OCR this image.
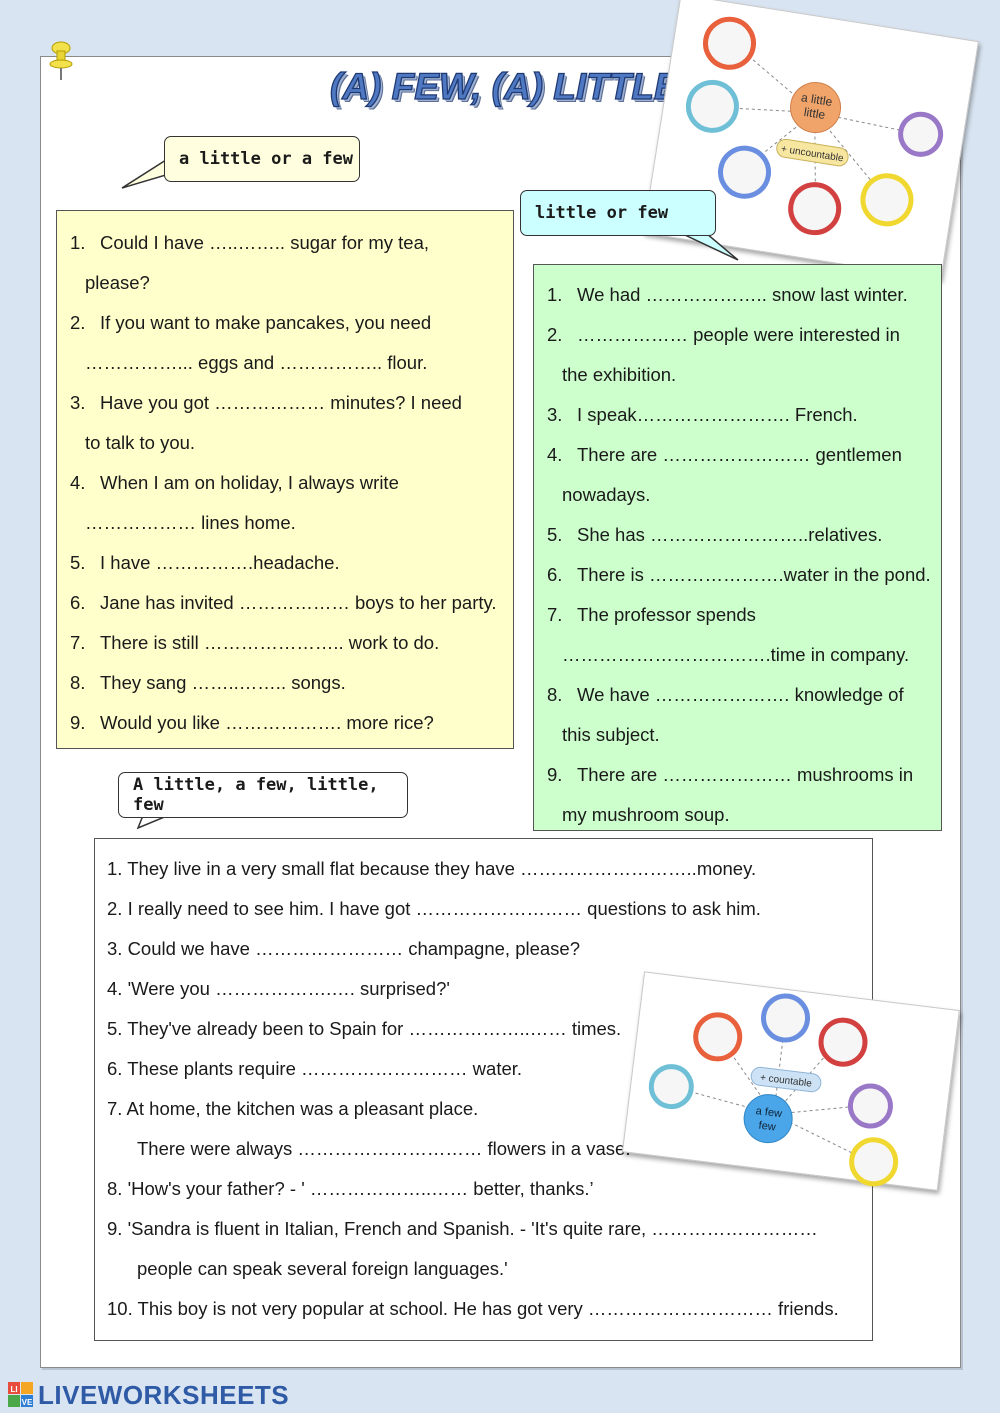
(A) FEW, (A) LITTLE	a little
little
+ uncountable
a little or a few
little or few
1. Could I have …..…….. sugar for my tea,
please?
2. If you want to make pancakes, you need
……………... eggs and …………….. flour.
3. Have you got ……………… minutes? I need
to talk to you.
4. When I am on holiday, I always write
……………… lines home.
5. I have …………….headache.
6. Jane has invited ……………… boys to her party.
7. There is still ………………….. work to do.
8. They sang ……..…….. songs.
9. Would you like ………………. more rice?
1. We had ……………….. snow last winter.
2. ……………… people were interested in
the exhibition.
3. I speak……………………. French.
4. There are …………………… gentlemen
nowadays.
5. She has ……………………..relatives.
6. There is ………………….water in the pond.
7. The professor spends
…………………………….time in company.
8. We have …………………. knowledge of
this subject.
9. There are ………………… mushrooms in
my mushroom soup.
A little, a few, little, few
1. They live in a very small flat because they have ………………………..money.
2. I really need to see him. I have got ……………………… questions to ask him.
3. Could we have …………………… champagne, please?
4. 'Were you ……………….…. surprised?'
5. They've already been to Spain for ………………..…… times.
6. These plants require ……………………… water.
7. At home, the kitchen was a pleasant place.
There were always ………………………… flowers in a vase.
8. 'How's your father? - ' ………………..…… better, thanks.’
9. 'Sandra is fluent in Italian, French and Spanish. - 'It's quite rare, ………………………
people can speak several foreign languages.'
10. This boy is not very popular at school. He has got very ………………………… friends.
+ countable
a few
few
LI
VE LIVEWORKSHEETS
